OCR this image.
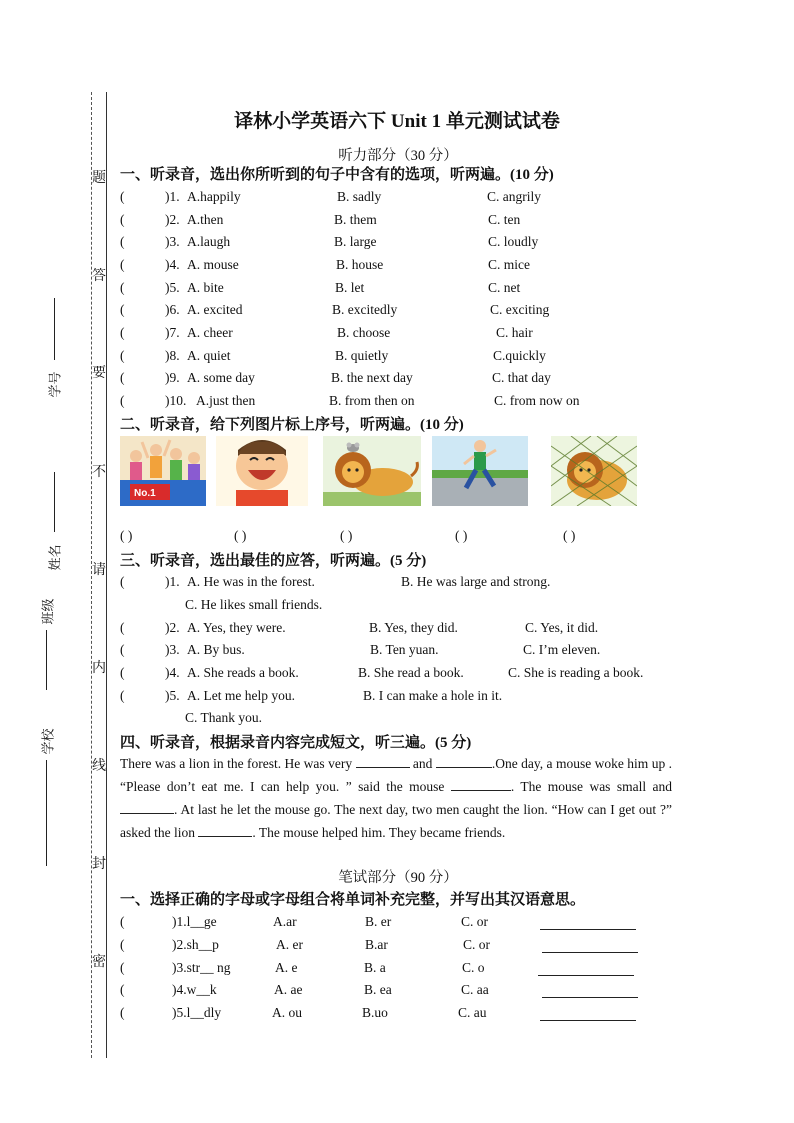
题
答
要
不
请
内
线
封
密
学号
姓名
班级
学校
译林小学英语六下 Unit 1 单元测试试卷
听力部分（30 分）
一、听录音，选出你所听到的句子中含有的选项，听两遍。(10 分)
(	)1. A.happily	B. sadly	C. angrily
(	)2. A.then	B. them	C. ten
(	)3. A.laugh	B. large	C. loudly
(	)4. A. mouse	B. house	C. mice
(	)5. A. bite	B. let	C. net
(	)6. A. excited	B. excitedly	C. exciting
(	)7. A. cheer	B. choose	C. hair
(	)8. A. quiet	B. quietly	C.quickly
(	)9. A. some day	B. the next day	C. that day
(	)10. A.just then	B. from then on	C. from now on
二、听录音，给下列图片标上序号，听两遍。(10 分)
No.1
( )	( )	( )	( )	( )
三、听录音，选出最佳的应答，听两遍。(5 分)
(	)1. A. He was in the forest.	B. He was large and strong.
C. He likes small friends.
(	)2. A. Yes, they were.	B. Yes, they did.	C. Yes, it did.
(	)3. A. By bus.	B. Ten yuan.	C. I’m eleven.
(	)4. A. She reads a book.	B. She read a book.	C. She is reading a book.
(	)5. A. Let me help you.	B. I can make a hole in it.
C. Thank you.
四、听录音，根据录音内容完成短文，听三遍。(5 分)
There was a lion in the forest. He was very	and	.One day, a mouse woke him up . “Please don’t eat me. I can help you. ” said the mouse	. The mouse was small and . At last he let the mouse go. The next day, two men caught the lion. “How can I get out ?” asked the lion	. The mouse helped him. They became friends.
笔试部分（90 分）
一、选择正确的字母或字母组合将单词补充完整，并写出其汉语意思。
(	)1.l__ge	A.ar	B. er	C. or
(	)2.sh__p	A. er	B.ar	C. or
(	)3.str__ ng	A. e	B. a	C. o
(	)4.w__k	A. ae	B. ea	C. aa
(	)5.l__dly	A. ou	B.uo	C. au
